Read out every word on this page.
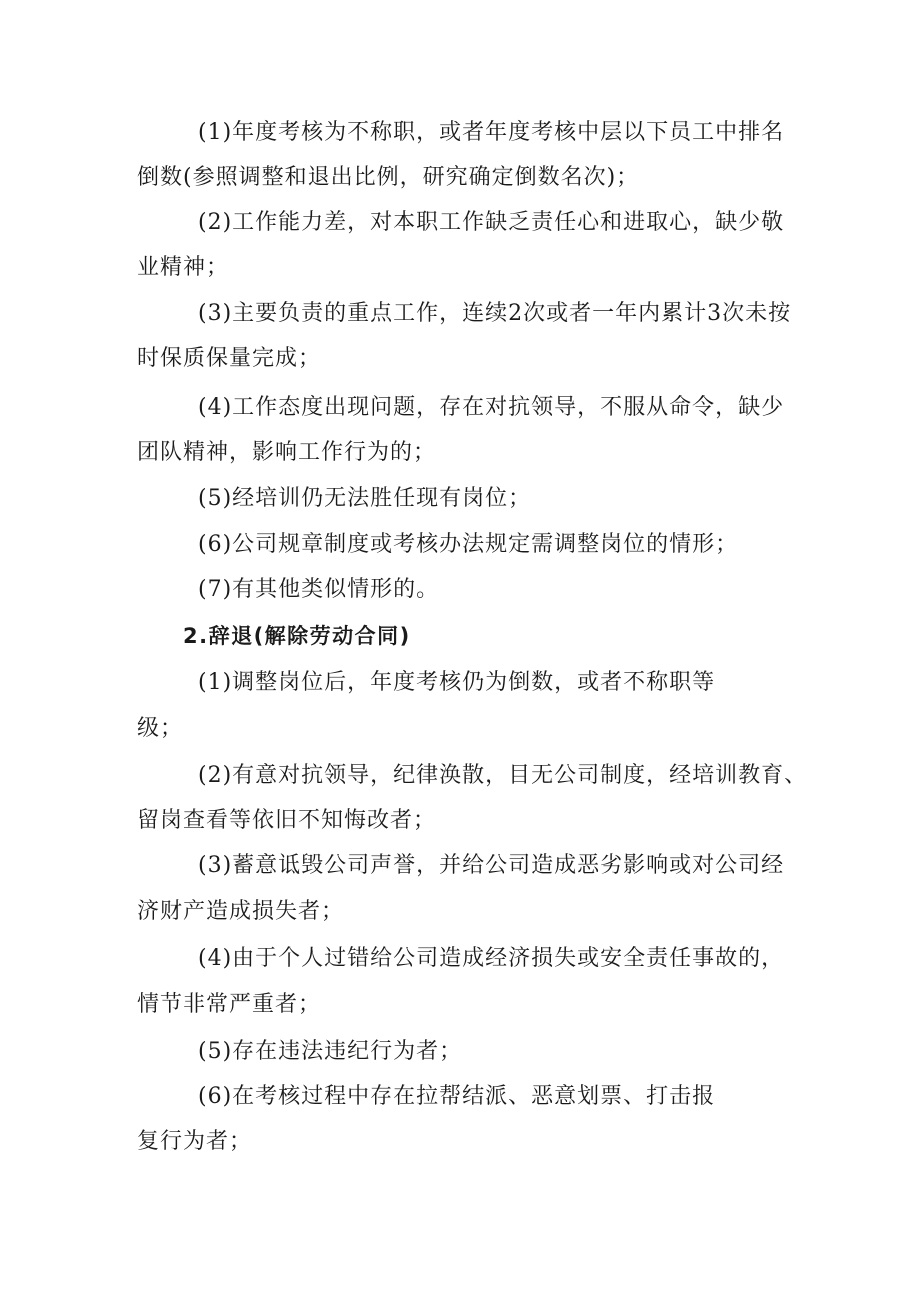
(1)年度考核为不称职，或者年度考核中层以下员工中排名
倒数(参照调整和退出比例，研究确定倒数名次)；
(2)工作能力差，对本职工作缺乏责任心和进取心，缺少敬
业精神；
(3)主要负责的重点工作，连续2次或者一年内累计3次未按
时保质保量完成；
(4)工作态度出现问题，存在对抗领导，不服从命令，缺少
团队精神，影响工作行为的；
(5)经培训仍无法胜任现有岗位；
(6)公司规章制度或考核办法规定需调整岗位的情形；
(7)有其他类似情形的。
2.辞退(解除劳动合同)
(1)调整岗位后，年度考核仍为倒数，或者不称职等
级；
(2)有意对抗领导，纪律涣散，目无公司制度，经培训教育、
留岗查看等依旧不知悔改者；
(3)蓄意诋毁公司声誉，并给公司造成恶劣影响或对公司经
济财产造成损失者；
(4)由于个人过错给公司造成经济损失或安全责任事故的，
情节非常严重者；
(5)存在违法违纪行为者；
(6)在考核过程中存在拉帮结派、恶意划票、打击报
复行为者；
